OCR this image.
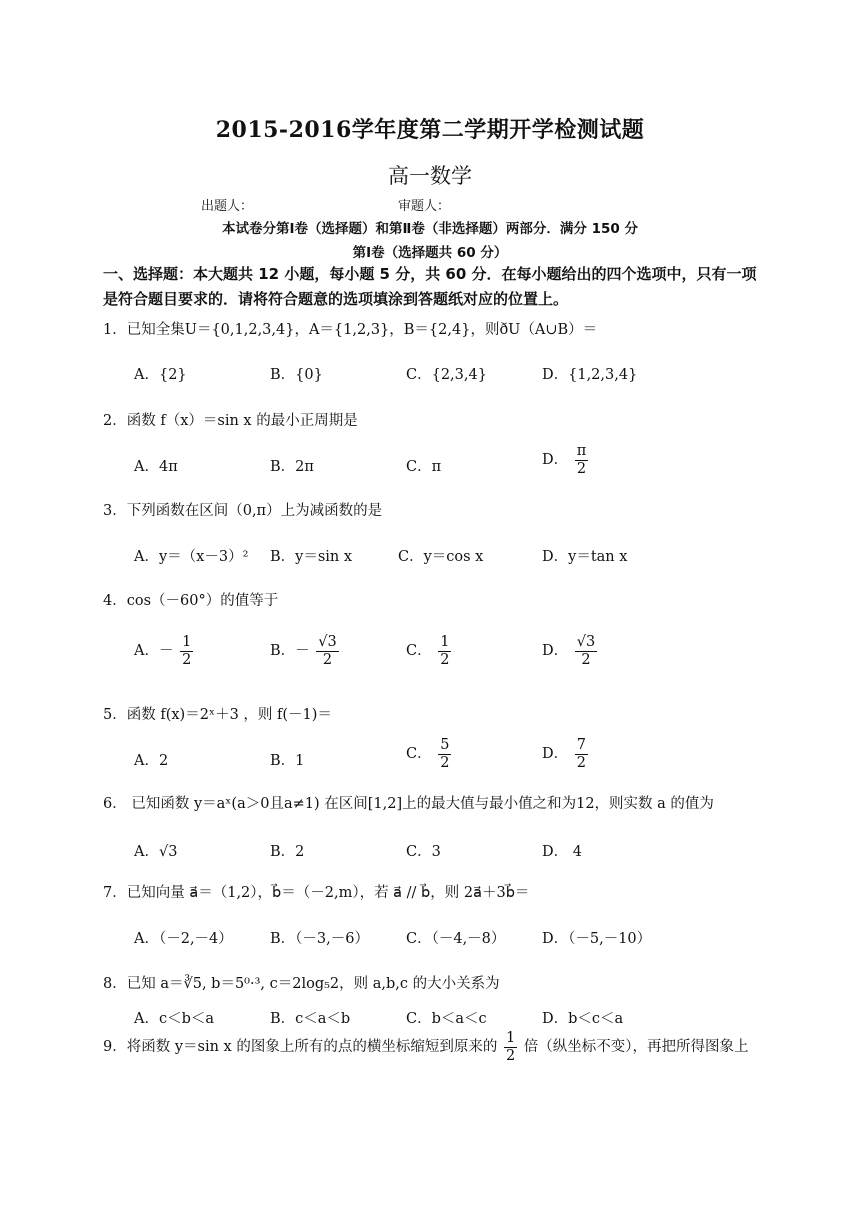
2015-2016学年度第二学期开学检测试题
高一数学
出题人：	审题人：
本试卷分第Ⅰ卷（选择题）和第Ⅱ卷（非选择题）两部分．满分 150 分
第Ⅰ卷（选择题共 60 分）
一、选择题：本大题共 12 小题，每小题 5 分，共 60 分．在每小题给出的四个选项中，只有一项是符合题目要求的．请将符合题意的选项填涂到答题纸对应的位置上。
1．已知全集U＝{0,1,2,3,4}，A＝{1,2,3}，B＝{2,4}，则ðU（A∪B）＝
A．{2}	B．{0}	C．{2,3,4}	D．{1,2,3,4}
2．函数 f（x）＝sin x 的最小正周期是
A．4π	B．2π	C．π	D． $\frac{\pi}{2}$
3．下列函数在区间（0,π）上为减函数的是
A．y＝（x－3）² B．y＝sin x	C．y＝cos x	D．y＝tan x
4．cos（－60°）的值等于
A．－ $\frac{1}{2}$	B．－ $\frac{√3}{2}$	C． $\frac{1}{2}$	D． $\frac{√3}{2}$
5．函数 f(x)＝2ˣ＋3 ，则 f(－1)＝
A．2	B．1	C． $\frac{5}{2}$	D． $\frac{7}{2}$
6． 已知函数 y＝aˣ(a＞0且a≠1) 在区间[1,2]上的最大值与最小值之和为12，则实数 a 的值为
A．√3	B．2	C．3	D． 4
7．已知向量 a⃗＝（1,2），b⃗＝（－2,m），若 a⃗ // b⃗，则 2a⃗＋3b⃗＝
A．（－2,－4）	B．（－3,－6）	C．（－4,－8）	D．（－5,－10）
8．已知 a＝∛5, b＝5⁰·³, c＝2log₅2，则 a,b,c 的大小关系为
A．c＜b＜a	B．c＜a＜b	C．b＜a＜c	D．b＜c＜a
9．将函数 y＝sin x 的图象上所有的点的横坐标缩短到原来的 $\frac{1}{2}$ 倍（纵坐标不变），再把所得图象上
